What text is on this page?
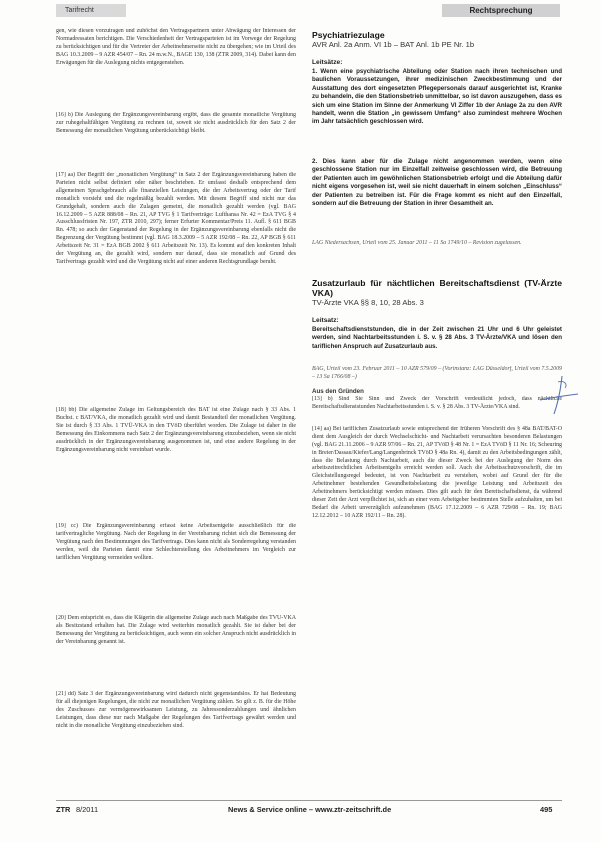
Tarifrecht	Rechtsprechung

gen, wie diesen vorzutragen und zuhöchst den Vertragspartnern unter Abwägung der Interessen der Normadressaten berichtigen. Die Verschiedenheit der Vertragsparteien ist im Vorwege der Regelung zu berücksichtigen und für die Vertreter der Arbeitnehmerseite nicht zu übergehen; wie im Urteil des BAG 10.3.2009 – 9 AZR 454/07 – Rn. 24 m.w.N., BAGE 130, 138 (ZTR 2009, 314). Dabei kann den Erwägungen für die Auslegung nichts entgegenstehen.

[16] b) Die Auslegung der Ergänzungsvereinbarung ergibt, dass die gesamte monatliche Vergütung zur ruhegehaltfähigen Vergütung zu rechnen ist, soweit sie nicht ausdrücklich für den Satz 2 der Bemessung der monatlichen Vergütung unberücksichtigt bleibt.

[17] aa) Der Begriff der „monatlichen Vergütung“ in Satz 2 der Ergänzungsvereinbarung haben die Parteien nicht selbst definiert oder näher beschrieben. Er umfasst deshalb entsprechend dem allgemeinen Sprachgebrauch alle finanziellen Leistungen, die der Arbeitsvertrag oder der Tarif monatlich vorsieht und die regelmäßig bezahlt werden. Mit diesem Begriff sind nicht nur das Grundgehalt, sondern auch die Zulagen gemeint, die monatlich gezahlt werden (vgl. BAG 16.12.2009 – 5 AZR 888/08 – Rn. 21, AP TVG § 1 Tarifverträge: Lufthansa Nr. 42 = EzA TVG § 4 Ausschlussfristen Nr. 197, ZTR 2010, 297); ferner Erfurter Kommentar/Preis 11. Aufl. § 611 BGB Rn. 478; so auch der Gegenstand der Regelung in der Ergänzungsvereinbarung ebenfalls nicht die Begrenzung der Vergütung bestimmt (vgl. BAG 18.3.2009 – 5 AZR 192/08 – Rn. 22, AP BGB § 611 Arbeitszeit Nr. 31 = EzA BGB 2002 § 611 Arbeitszeit Nr. 13). Es kommt auf den konkreten Inhalt der Vergütung an, die gezahlt wird, sondern nur darauf, dass sie monatlich auf Grund des Tarifvertrags gezahlt wird und die Vergütung nicht auf einer anderen Rechtsgrundlage beruht.

[18] bb) Die allgemeine Zulage im Geltungsbereich des BAT ist eine Zulage nach § 33 Abs. 1 Buchst. c BAT/VKA, die monatlich gezahlt wird und damit Bestandteil der monatlichen Vergütung. Sie ist durch § 33 Abs. 1 TVÜ-VKA in den TVöD überführt worden. Die Zulage ist daher in die Bemessung des Einkommens nach Satz 2 der Ergänzungsvereinbarung einzubeziehen, wenn sie nicht ausdrücklich in der Ergänzungsvereinbarung ausgenommen ist, und eine andere Regelung in der Ergänzungsvereinbarung nicht vereinbart wurde.

[19] cc) Die Ergänzungsvereinbarung erfasst keine Arbeitsentgelte ausschließlich für die tarifvertragliche Vergütung. Nach der Regelung in der Vereinbarung richtet sich die Bemessung der Vergütung nach den Bestimmungen des Tarifvertrags. Dies kann nicht als Sonderregelung verstanden werden, weil die Parteien damit eine Schlechterstellung des Arbeitnehmers im Vergleich zur tariflichen Vergütung vermeiden wollten.

[20] Dem entspricht es, dass die Klägerin die allgemeine Zulage auch nach Maßgabe des TVÜ-VKA als Besitzstand erhalten hat. Die Zulage wird weiterhin monatlich gezahlt. Sie ist daher bei der Bemessung der Vergütung zu berücksichtigen, auch wenn ein solcher Anspruch nicht ausdrücklich in der Vereinbarung genannt ist.

[21] dd) Satz 3 der Ergänzungsvereinbarung wird dadurch nicht gegenstandslos. Er hat Bedeutung für all diejenigen Regelungen, die nicht zur monatlichen Vergütung zählen. So gilt z. B. für die Höhe des Zuschusses zur vermögenswirksamen Leistung, zu Jahressonderzahlungen und ähnlichen Leistungen, dass diese nur nach Maßgabe der Regelungen des Tarifvertrags gewährt werden und nicht in die monatliche Vergütung einzubeziehen sind.

Psychiatriezulage
AVR Anl. 2a Anm. VI 1b – BAT Anl. 1b PE Nr. 1b
Leitsätze:

1. Wenn eine psychiatrische Abteilung oder Station nach ihren technischen und baulichen Voraussetzungen, ihrer medizinischen Zweckbestimmung und der Ausstattung des dort eingesetzten Pflegepersonals darauf ausgerichtet ist, Kranke zu behandeln, die den Stationsbetrieb unmittelbar, so ist davon auszugehen, dass es sich um eine Station im Sinne der Anmerkung VI Ziffer 1b der Anlage 2a zu den AVR handelt, wenn die Station „in gewissem Umfang“ also zumindest mehrere Wochen im Jahr tatsächlich geschlossen wird.

2. Dies kann aber für die Zulage nicht angenommen werden, wenn eine geschlossene Station nur im Einzelfall zeitweise geschlossen wird, die Betreuung der Patienten auch im gewöhnlichen Stationsbetrieb erfolgt und die Abteilung dafür nicht eigens vorgesehen ist, weil sie nicht dauerhaft in einem solchen „Einschluss“ der Patienten zu betreiben ist. Für die Frage kommt es nicht auf den Einzelfall, sondern auf die Betreuung der Station in ihrer Gesamtheit an.

LAG Niedersachsen, Urteil vom 25. Januar 2011 – 11 Sa 1749/10 – Revision zugelassen.

Zusatzurlaub für nächtlichen Bereitschaftsdienst (TV-Ärzte VKA)
TV-Ärzte VKA §§ 8, 10, 28 Abs. 3
Leitsatz:

Bereitschaftsdienststunden, die in der Zeit zwischen 21 Uhr und 6 Uhr geleistet werden, sind Nachtarbeitsstunden i. S. v. § 28 Abs. 3 TV-Ärzte/VKA und lösen den tariflichen Anspruch auf Zusatzurlaub aus.

BAG, Urteil vom 23. Februar 2011 – 10 AZR 579/09 – (Vorinstanz: LAG Düsseldorf, Urteil vom 7.5.2009 – 13 Sa 1766/08 –)

Aus den Gründen

[13] b) Sind Sie Sinn und Zweck der Vorschrift verdeutlicht jedoch, dass nächtliche Bereitschaftsdienststunden Nachtarbeitsstunden i. S. v. § 28 Abs. 3 TV-Ärzte/VKA sind.

[14] aa) Bei tariflichen Zusatzurlaub sowie entsprechend der früheren Vorschrift des § 48a BAT/BAT-O dient dem Ausgleich der durch Wechselschicht- und Nachtarbeit verursachten besonderen Belastungen (vgl. BAG 21.11.2006 – 9 AZR 97/06 – Rn. 21, AP TVöD § 48 Nr. 1 = EzA TVöD § 11 Nr. 16; Scheuring in Breier/Dassau/Kiefer/Lang/Langenbrinck TVöD § 48a Rn. 4), damit zu den Arbeitsbedingungen zählt, dass die Belastung durch Nachtarbeit, auch die dieser Zweck bei der Auslegung der Norm des arbeitszeitrechtlichen Arbeitsentgelts erreicht werden soll. Auch die Arbeitsschutzvorschrift, die im Gleichstellungsregel bedeutet, ist von Nachtarbeit zu verstehen, wobei auf Grund der für die Arbeitnehmer bestehenden Gesundheitsbelastung die jeweilige Leistung und Arbeitszeit des Arbeitnehmers berücksichtigt werden müssen. Dies gilt auch für den Bereitschaftsdienst, da während dieser Zeit der Arzt verpflichtet ist, sich an einer vom Arbeitgeber bestimmten Stelle aufzuhalten, um bei Bedarf die Arbeit unverzüglich aufzunehmen (BAG 17.12.2009 – 6 AZR 729/08 – Rn. 19; BAG 12.12.2012 – 10 AZR 192/11 – Rn. 28).

ZTR 8/2011	News & Service online – www.ztr-zeitschrift.de	495
